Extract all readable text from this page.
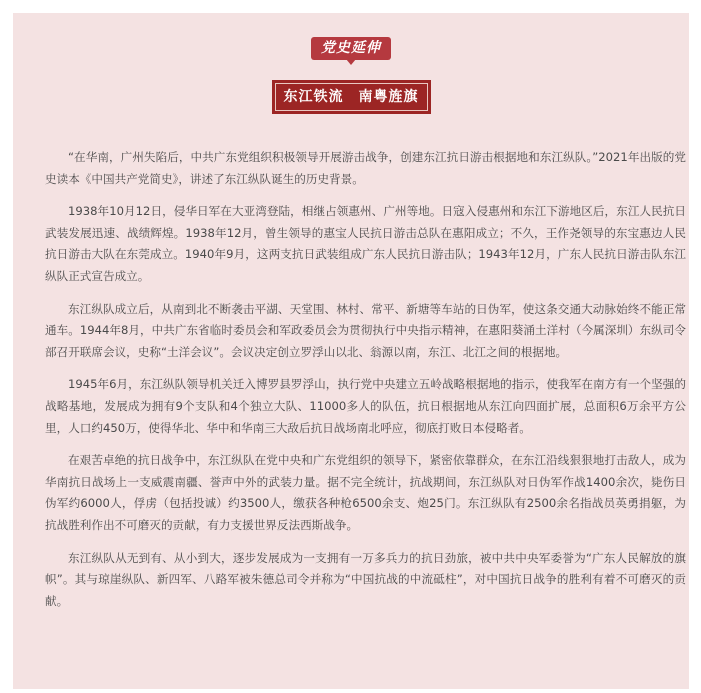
党史延伸
东江铁流　南粤旌旗

“在华南，广州失陷后，中共广东党组织积极领导开展游击战争，创建东江抗日游击根据地和东江纵队。”2021年出版的党史读本《中国共产党简史》，讲述了东江纵队诞生的历史背景。

1938年10月12日，侵华日军在大亚湾登陆，相继占领惠州、广州等地。日寇入侵惠州和东江下游地区后，东江人民抗日武装发展迅速、战绩辉煌。1938年12月，曾生领导的惠宝人民抗日游击总队在惠阳成立；不久，王作尧领导的东宝惠边人民抗日游击大队在东莞成立。1940年9月，这两支抗日武装组成广东人民抗日游击队；1943年12月，广东人民抗日游击队东江纵队正式宣告成立。

东江纵队成立后，从南到北不断袭击平湖、天堂围、林村、常平、新塘等车站的日伪军，使这条交通大动脉始终不能正常通车。1944年8月，中共广东省临时委员会和军政委员会为贯彻执行中央指示精神，在惠阳葵涌土洋村（今属深圳）东纵司令部召开联席会议，史称“土洋会议”。会议决定创立罗浮山以北、翁源以南，东江、北江之间的根据地。

1945年6月，东江纵队领导机关迁入博罗县罗浮山，执行党中央建立五岭战略根据地的指示，使我军在南方有一个坚强的战略基地，发展成为拥有9个支队和4个独立大队、11000多人的队伍，抗日根据地从东江向四面扩展，总面积6万余平方公里，人口约450万，使得华北、华中和华南三大敌后抗日战场南北呼应，彻底打败日本侵略者。

在艰苦卓绝的抗日战争中，东江纵队在党中央和广东党组织的领导下，紧密依靠群众，在东江沿线狠狠地打击敌人，成为华南抗日战场上一支威震南疆、誉声中外的武装力量。据不完全统计，抗战期间，东江纵队对日伪军作战1400余次，毙伤日伪军约6000人，俘虏（包括投诚）约3500人，缴获各种枪6500余支、炮25门。东江纵队有2500余名指战员英勇捐躯，为抗战胜利作出不可磨灭的贡献，有力支援世界反法西斯战争。

东江纵队从无到有、从小到大，逐步发展成为一支拥有一万多兵力的抗日劲旅，被中共中央军委誉为“广东人民解放的旗帜”。其与琼崖纵队、新四军、八路军被朱德总司令并称为“中国抗战的中流砥柱”，对中国抗日战争的胜利有着不可磨灭的贡献。
